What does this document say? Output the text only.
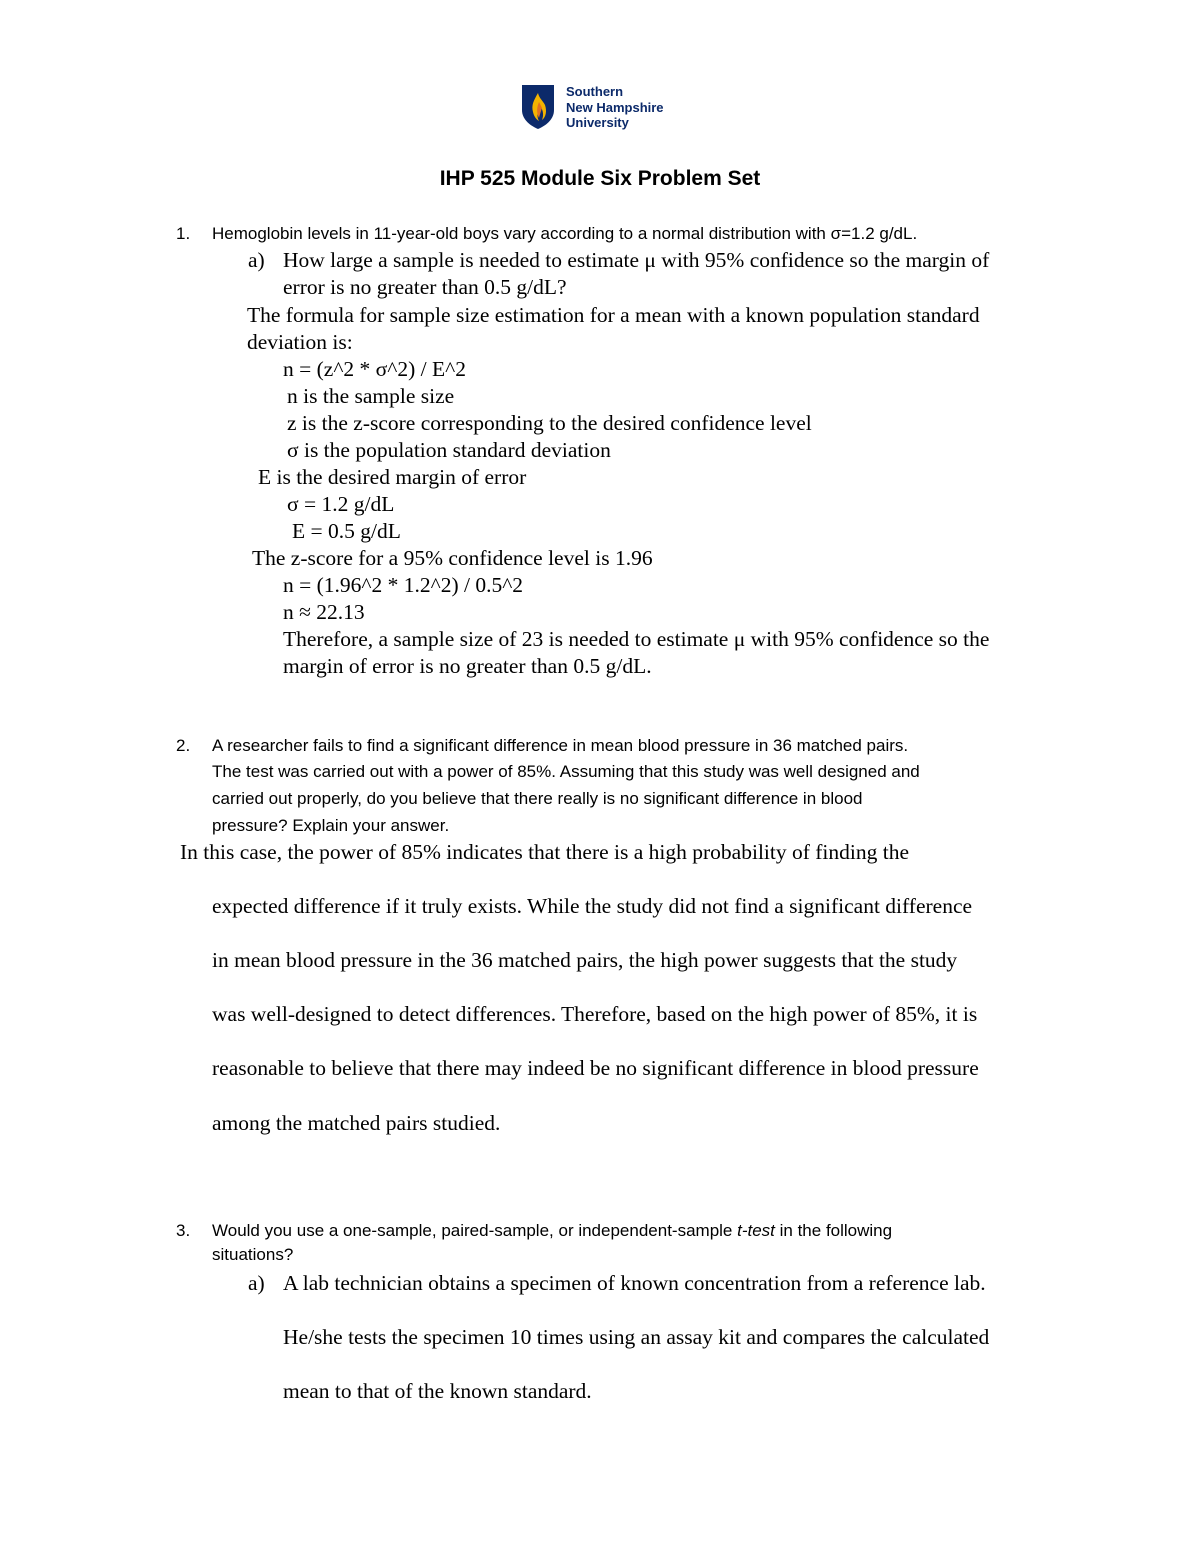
Southern
New Hampshire
University
IHP 525 Module Six Problem Set
1. Hemoglobin levels in 11-year-old boys vary according to a normal distribution with σ=1.2 g/dL.
a) How large a sample is needed to estimate μ with 95% confidence so the margin of
error is no greater than 0.5 g/dL?
The formula for sample size estimation for a mean with a known population standard
deviation is:
n = (z^2 * σ^2) / E^2
n is the sample size
z is the z-score corresponding to the desired confidence level
σ is the population standard deviation
E is the desired margin of error
σ = 1.2 g/dL
E = 0.5 g/dL
The z-score for a 95% confidence level is 1.96
n = (1.96^2 * 1.2^2) / 0.5^2
n ≈ 22.13
Therefore, a sample size of 23 is needed to estimate μ with 95% confidence so the
margin of error is no greater than 0.5 g/dL.
2. A researcher fails to find a significant difference in mean blood pressure in 36 matched pairs.
The test was carried out with a power of 85%. Assuming that this study was well designed and
carried out properly, do you believe that there really is no significant difference in blood
pressure? Explain your answer.
In this case, the power of 85% indicates that there is a high probability of finding the
expected difference if it truly exists. While the study did not find a significant difference
in mean blood pressure in the 36 matched pairs, the high power suggests that the study
was well-designed to detect differences. Therefore, based on the high power of 85%, it is
reasonable to believe that there may indeed be no significant difference in blood pressure
among the matched pairs studied.
3. Would you use a one-sample, paired-sample, or independent-sample t-test in the following
situations?
a) A lab technician obtains a specimen of known concentration from a reference lab.
He/she tests the specimen 10 times using an assay kit and compares the calculated
mean to that of the known standard.
